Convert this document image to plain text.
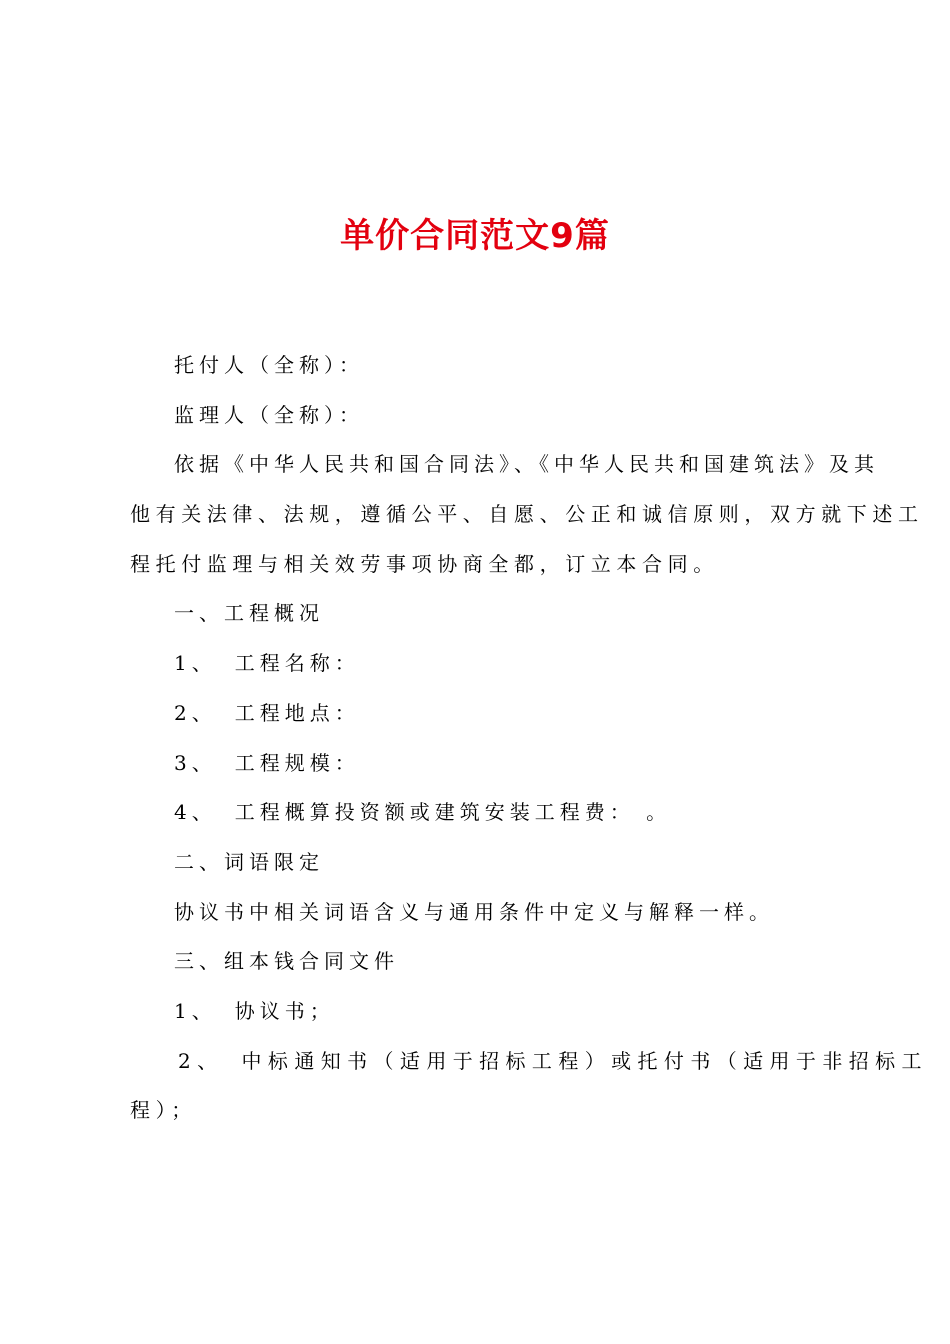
单价合同范文9篇
托付人（全称）：
监理人（全称）：
依据《中华人民共和国合同法》、《中华人民共和国建筑法》及其
他有关法律、法规，遵循公平、自愿、公正和诚信原则，双方就下述工
程托付监理与相关效劳事项协商全都，订立本合同。
一、工程概况
1、 工程名称：
2、 工程地点：
3、 工程规模：
4、 工程概算投资额或建筑安装工程费： 。
二、词语限定
协议书中相关词语含义与通用条件中定义与解释一样。
三、组本钱合同文件
1、 协议书；
2、 中标通知书（适用于招标工程）或托付书（适用于非招标工
程）；
